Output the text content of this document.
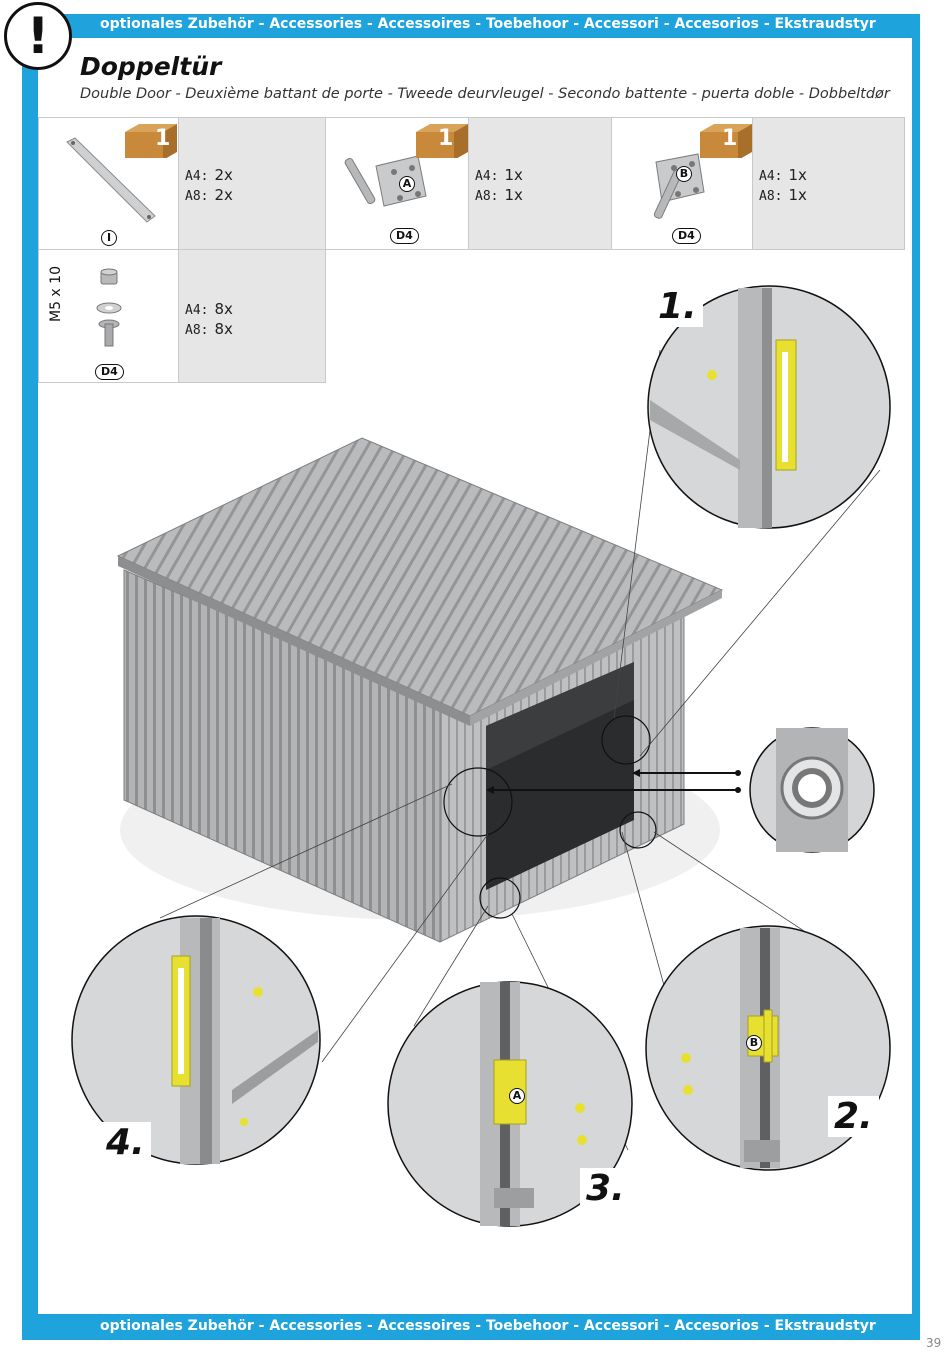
optionales Zubehör - Accessories - Accessoires - Toebehoor - Accessori - Accesorios - Ekstraudstyr
optionales Zubehör - Accessories - Accessoires - Toebehoor - Accessori - Accesorios - Ekstraudstyr
!
Doppeltür
Double Door - Deuxième battant de porte - Tweede deurvleugel - Secondo battente - puerta doble - Dobbeltdør
1
I
A4: 2x
A8: 2x
1
A
D4
A4: 1x
A8: 1x
1
B
D4
A4: 1x
A8: 1x
D4
M5 x 10	A4: 8x
A8: 8x
A
B
1.
2.
3.
4.
39
